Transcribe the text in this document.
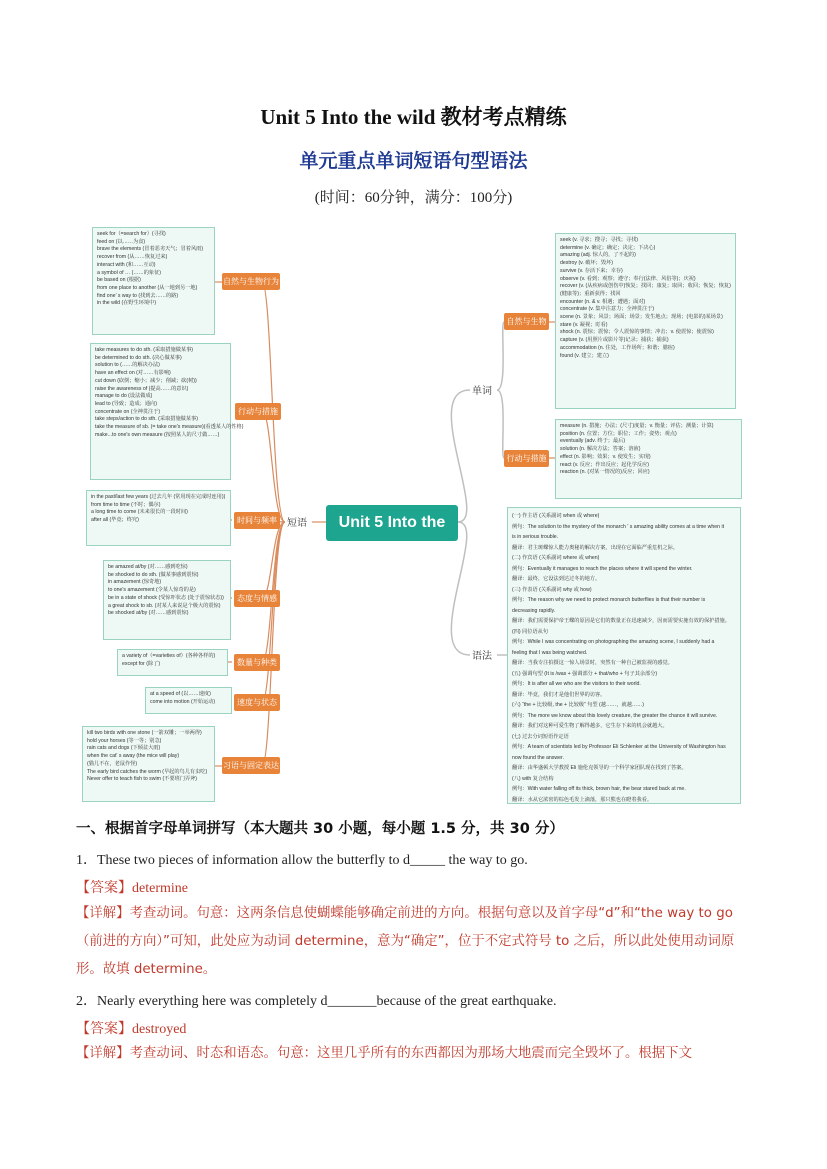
Unit 5 Into the wild 教材考点精练
单元重点单词短语句型语法
(时间：60分钟，满分：100分)
seek for（=search for）(寻找)
feed on (以……为食)
brave the elements (冒着恶劣天气；冒着风雨)
recover from (从……恢复过来)
interact with (和……互动)
a symbol of … (……的象征)
be based on (根据)
from one place to another (从一地到另一地)
find one’ s way to (找到去……的路)
in the wild (在野生环境中)
自然与生物行为
take measures to do sth. (采取措施做某事)
be determined to do sth. (决心做某事)
solution to (……的解决办法)
have an effect on (对……有影响)
cut down (砍倒；缩小；减少；削减；砍(树))
raise the awareness of (提高……的意识)
manage to do (设法做成)
lead to (导致；造成；通向)
concentrate on (全神贯注于)
take steps/action to do sth. (采取措施做某事)
take the measure of sb. (= take one's measure)(看透某人的性格)
make...to one's own measure (按照某人的尺寸做……)
行动与措施
in the past/last few years (过去几年 (常用现在完成时连用))
from time to time (不时；偶尔)
a long time to come (未来很长的一段时间)
after all (毕竟；终究)	时间与频率	短语
be amazed at/by (对……感到吃惊)
be shocked to do sth. (做某事感到震惊)
in amazement (惊奇地)
to one's amazement (令某人惊奇的是)
be in a state of shock (受惊吓状态 (处于震惊状态))
a great shock to sb. (对某人来说是个极大的震惊)
be shocked at/by (对……感到震惊)
态度与情感
a variety of（=varieties of）(各种各样的)
except for (除了)	数量与种类
at a speed of (以……速度)
come into motion (开始运动)	速度与状态
kill two birds with one stone (一箭双雕；一举两得)
hold your horses (等一等；别急)
rain cats and dogs (下倾盆大雨)
when the cat' s away (the mice will play)
(猫儿不在，老鼠作怪)
The early bird catches the worm (早起的鸟儿有虫吃)
Never offer to teach fish to swim (不要班门弄斧)
习语与固定表达
Unit 5 Into the wild
单词
语法
自然与生物
行动与措施
seek (v. 寻求；搜寻；寻找；寻找)
determine (v. 确定；确定；决定；下决心)
amazing (adj. 惊人的，了不起的)
destroy (v. 破坏；毁坏)
survive (v. 存活下来；幸存)
observe (v. 看到；观察；遵守；奉行(法律、风俗等)；庆祝)
recover (v. (从疾病或创伤中)恢复；找回；康复；取回；收回；恢复；恢复)
(健康等)；重新获得；找回
encounter (n. & v. 相遇；遭遇；面对)
concentrate (v. 集中注意力；全神贯注于)
scene (n. 景象；风景；场面；场景；发生地点；现场；(电影的)某场景)
stare (v. 凝视；盯看)
shock (n. 震惊；震惊；令人震惊的事情；冲击；v. 使震惊；使震惊)
capture (v. (用照片或影片等)记录；捕获；捕获)
accommodation (n. 住处，工作场所；和谐；膳宿)
found (v. 建立；建立)
measure (n. 措施；办法；(尺寸)度量；v. 衡量；评估；测量；计算)
position (n. 位置；方位；职位；工作；姿势；观点)
eventually (adv. 终于；最后)
solution (n. 解决方法；答案；溶液)
effect (n. 影响；效果；v. 使发生；实现)
react (v. 反应；作出反应；起化学反应)
reaction (n. (对某一情况的)反应；回应)
(一) 作主语 (关系副词 when 或 where)
例句：The solution to the mystery of the monarch ' s amazing ability comes at a time when it
is in serious trouble.
翻译：君主斑蝶惊人能力奥秘的解决方案，出现在它面临严重危机之际。
(二) 作宾语 (关系副词 where 或 when)
例句：Eventually it manages to reach the places where it will spend the winter.
翻译：最终，它设法到达过冬的地方。
(三) 作表语 (关系副词 why 或 how)
例句：The reason why we need to protect monarch butterflies is that their number is
decreasing rapidly.
翻译：我们需要保护帝王蝶的原因是它们的数量正在迅速减少，因而需要实施有效的保护措施。
(四) 同位语从句
例句：While I was concentrating on photographing the amazing scene, I suddenly had a
feeling that I was being watched.
翻译：当我专注拍摄这一惊人场景时，突然有一种自己被监视的感觉。
(五) 强调句型 (It is /was + 强调部分 + that/who + 句子其余部分)
例句：It is after all we who are the visitors to their world.
翻译：毕竟，我们才是他们世界的访客。
(六) “the + 比较级, the + 比较级” 句型 (越……，就越……)
例句：The more we know about this lovely creature, the greater the chance it will survive.
翻译：我们对这种可爱生物了解得越多，它生存下来的机会就越大。
(七) 过去分词短语作定语
例句：A team of scientists led by Professor Eli Schlenker at the University of Washington has
now found the answer.
翻译：由华盛顿大学教授 Eli 施伦克领导的一个科学家团队现在找到了答案。
(八) with 复合结构
例句：With water falling off its thick, brown hair, the bear stared back at me.
翻译：水从它浓密的棕色毛发上滴落，那只熊也在瞪着我看。
一、根据首字母单词拼写（本大题共 30 小题，每小题 1.5 分，共 30 分）
1．These two pieces of information allow the butterfly to d_____ the way to go.
【答案】determine
【详解】考查动词。句意：这两条信息使蝴蝶能够确定前进的方向。根据句意以及首字母“d”和“the way to go（前进的方向）”可知，此处应为动词 determine，意为“确定”，位于不定式符号 to 之后，所以此处使用动词原形。故填 determine。
2．Nearly everything here was completely d_______because of the great earthquake.
【答案】destroyed
【详解】考查动词、时态和语态。句意：这里几乎所有的东西都因为那场大地震而完全毁坏了。根据下文
